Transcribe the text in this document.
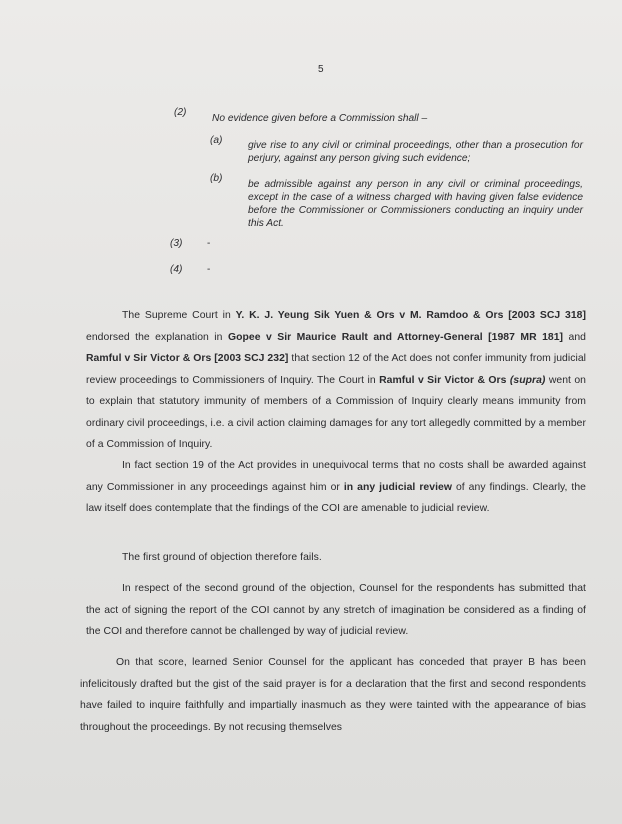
5
(2)
No evidence given before a Commission shall –
(a)	give rise to any civil or criminal proceedings, other than a prosecution for perjury, against any person giving such evidence;
(b)
be admissible against any person in any civil or criminal proceedings, except in the case of a witness charged with having given false evidence before the Commissioner or Commissioners conducting an inquiry under this Act.
(3) -
(4) -
The Supreme Court in Y. K. J. Yeung Sik Yuen & Ors v M. Ramdoo & Ors [2003 SCJ 318] endorsed the explanation in Gopee v Sir Maurice Rault and Attorney-General [1987 MR 181] and Ramful v Sir Victor & Ors [2003 SCJ 232] that section 12 of the Act does not confer immunity from judicial review proceedings to Commissioners of Inquiry. The Court in Ramful v Sir Victor & Ors (supra) went on to explain that statutory immunity of members of a Commission of Inquiry clearly means immunity from ordinary civil proceedings, i.e. a civil action claiming damages for any tort allegedly committed by a member of a Commission of Inquiry.
In fact section 19 of the Act provides in unequivocal terms that no costs shall be awarded against any Commissioner in any proceedings against him or in any judicial review of any findings. Clearly, the law itself does contemplate that the findings of the COI are amenable to judicial review.
The first ground of objection therefore fails.
In respect of the second ground of the objection, Counsel for the respondents has submitted that the act of signing the report of the COI cannot by any stretch of imagination be considered as a finding of the COI and therefore cannot be challenged by way of judicial review.
On that score, learned Senior Counsel for the applicant has conceded that prayer B has been infelicitously drafted but the gist of the said prayer is for a declaration that the first and second respondents have failed to inquire faithfully and impartially inasmuch as they were tainted with the appearance of bias throughout the proceedings. By not recusing themselves
